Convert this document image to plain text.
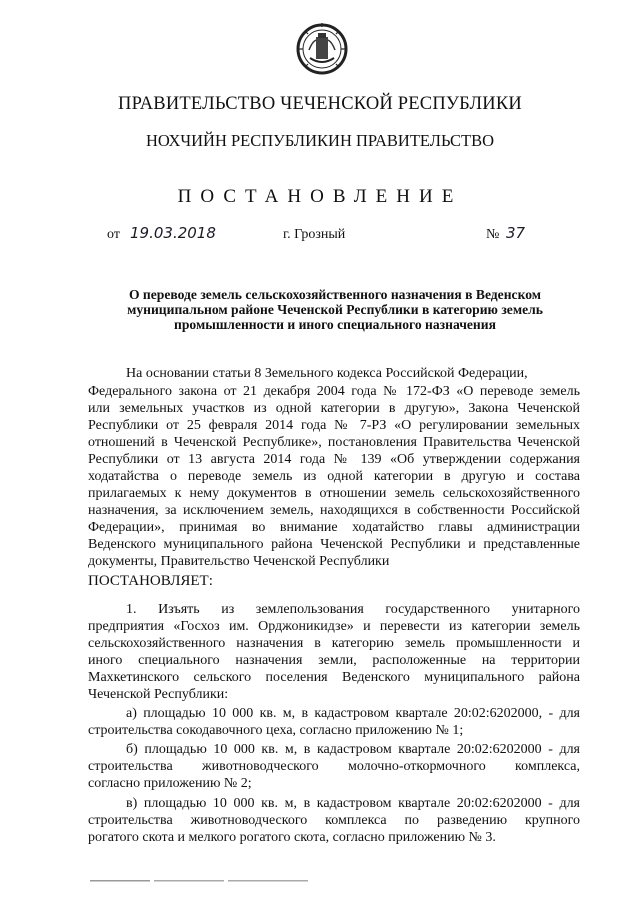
ПРАВИТЕЛЬСТВО ЧЕЧЕНСКОЙ РЕСПУБЛИКИ
НОХЧИЙН РЕСПУБЛИКИН ПРАВИТЕЛЬСТВО
ПОСТАНОВЛЕНИЕ
от 19.03.2018	г. Грозный	№ 37
О переводе земель сельскохозяйственного назначения в Веденском
муниципальном районе Чеченской Республики в категорию земель
промышленности и иного специального назначения
На основании статьи 8 Земельного кодекса Российской Федерации,
Федерального закона от 21 декабря 2004 года № 172-ФЗ «О переводе земель
или земельных участков из одной категории в другую», Закона Чеченской
Республики от 25 февраля 2014 года № 7-РЗ «О регулировании земельных
отношений в Чеченской Республике», постановления Правительства Чеченской
Республики от 13 августа 2014 года № 139 «Об утверждении содержания
ходатайства о переводе земель из одной категории в другую и состава
прилагаемых к нему документов в отношении земель сельскохозяйственного
назначения, за исключением земель, находящихся в собственности Российской
Федерации», принимая во внимание ходатайство главы администрации
Веденского муниципального района Чеченской Республики и представленные
документы, Правительство Чеченской Республики
ПОСТАНОВЛЯЕТ:
1. Изъять из землепользования государственного унитарного
предприятия «Госхоз им. Орджоникидзе» и перевести из категории земель
сельскохозяйственного назначения в категорию земель промышленности и
иного специального назначения земли, расположенные на территории
Махкетинского сельского поселения Веденского муниципального района
Чеченской Республики:
а) площадью 10 000 кв. м, в кадастровом квартале 20:02:6202000, - для
строительства сокодавочного цеха, согласно приложению № 1;
б) площадью 10 000 кв. м, в кадастровом квартале 20:02:6202000 - для
строительства животноводческого молочно-откормочного комплекса,
согласно приложению № 2;
в) площадью 10 000 кв. м, в кадастровом квартале 20:02:6202000 - для
строительства животноводческого комплекса по разведению крупного
рогатого скота и мелкого рогатого скота, согласно приложению № 3.
